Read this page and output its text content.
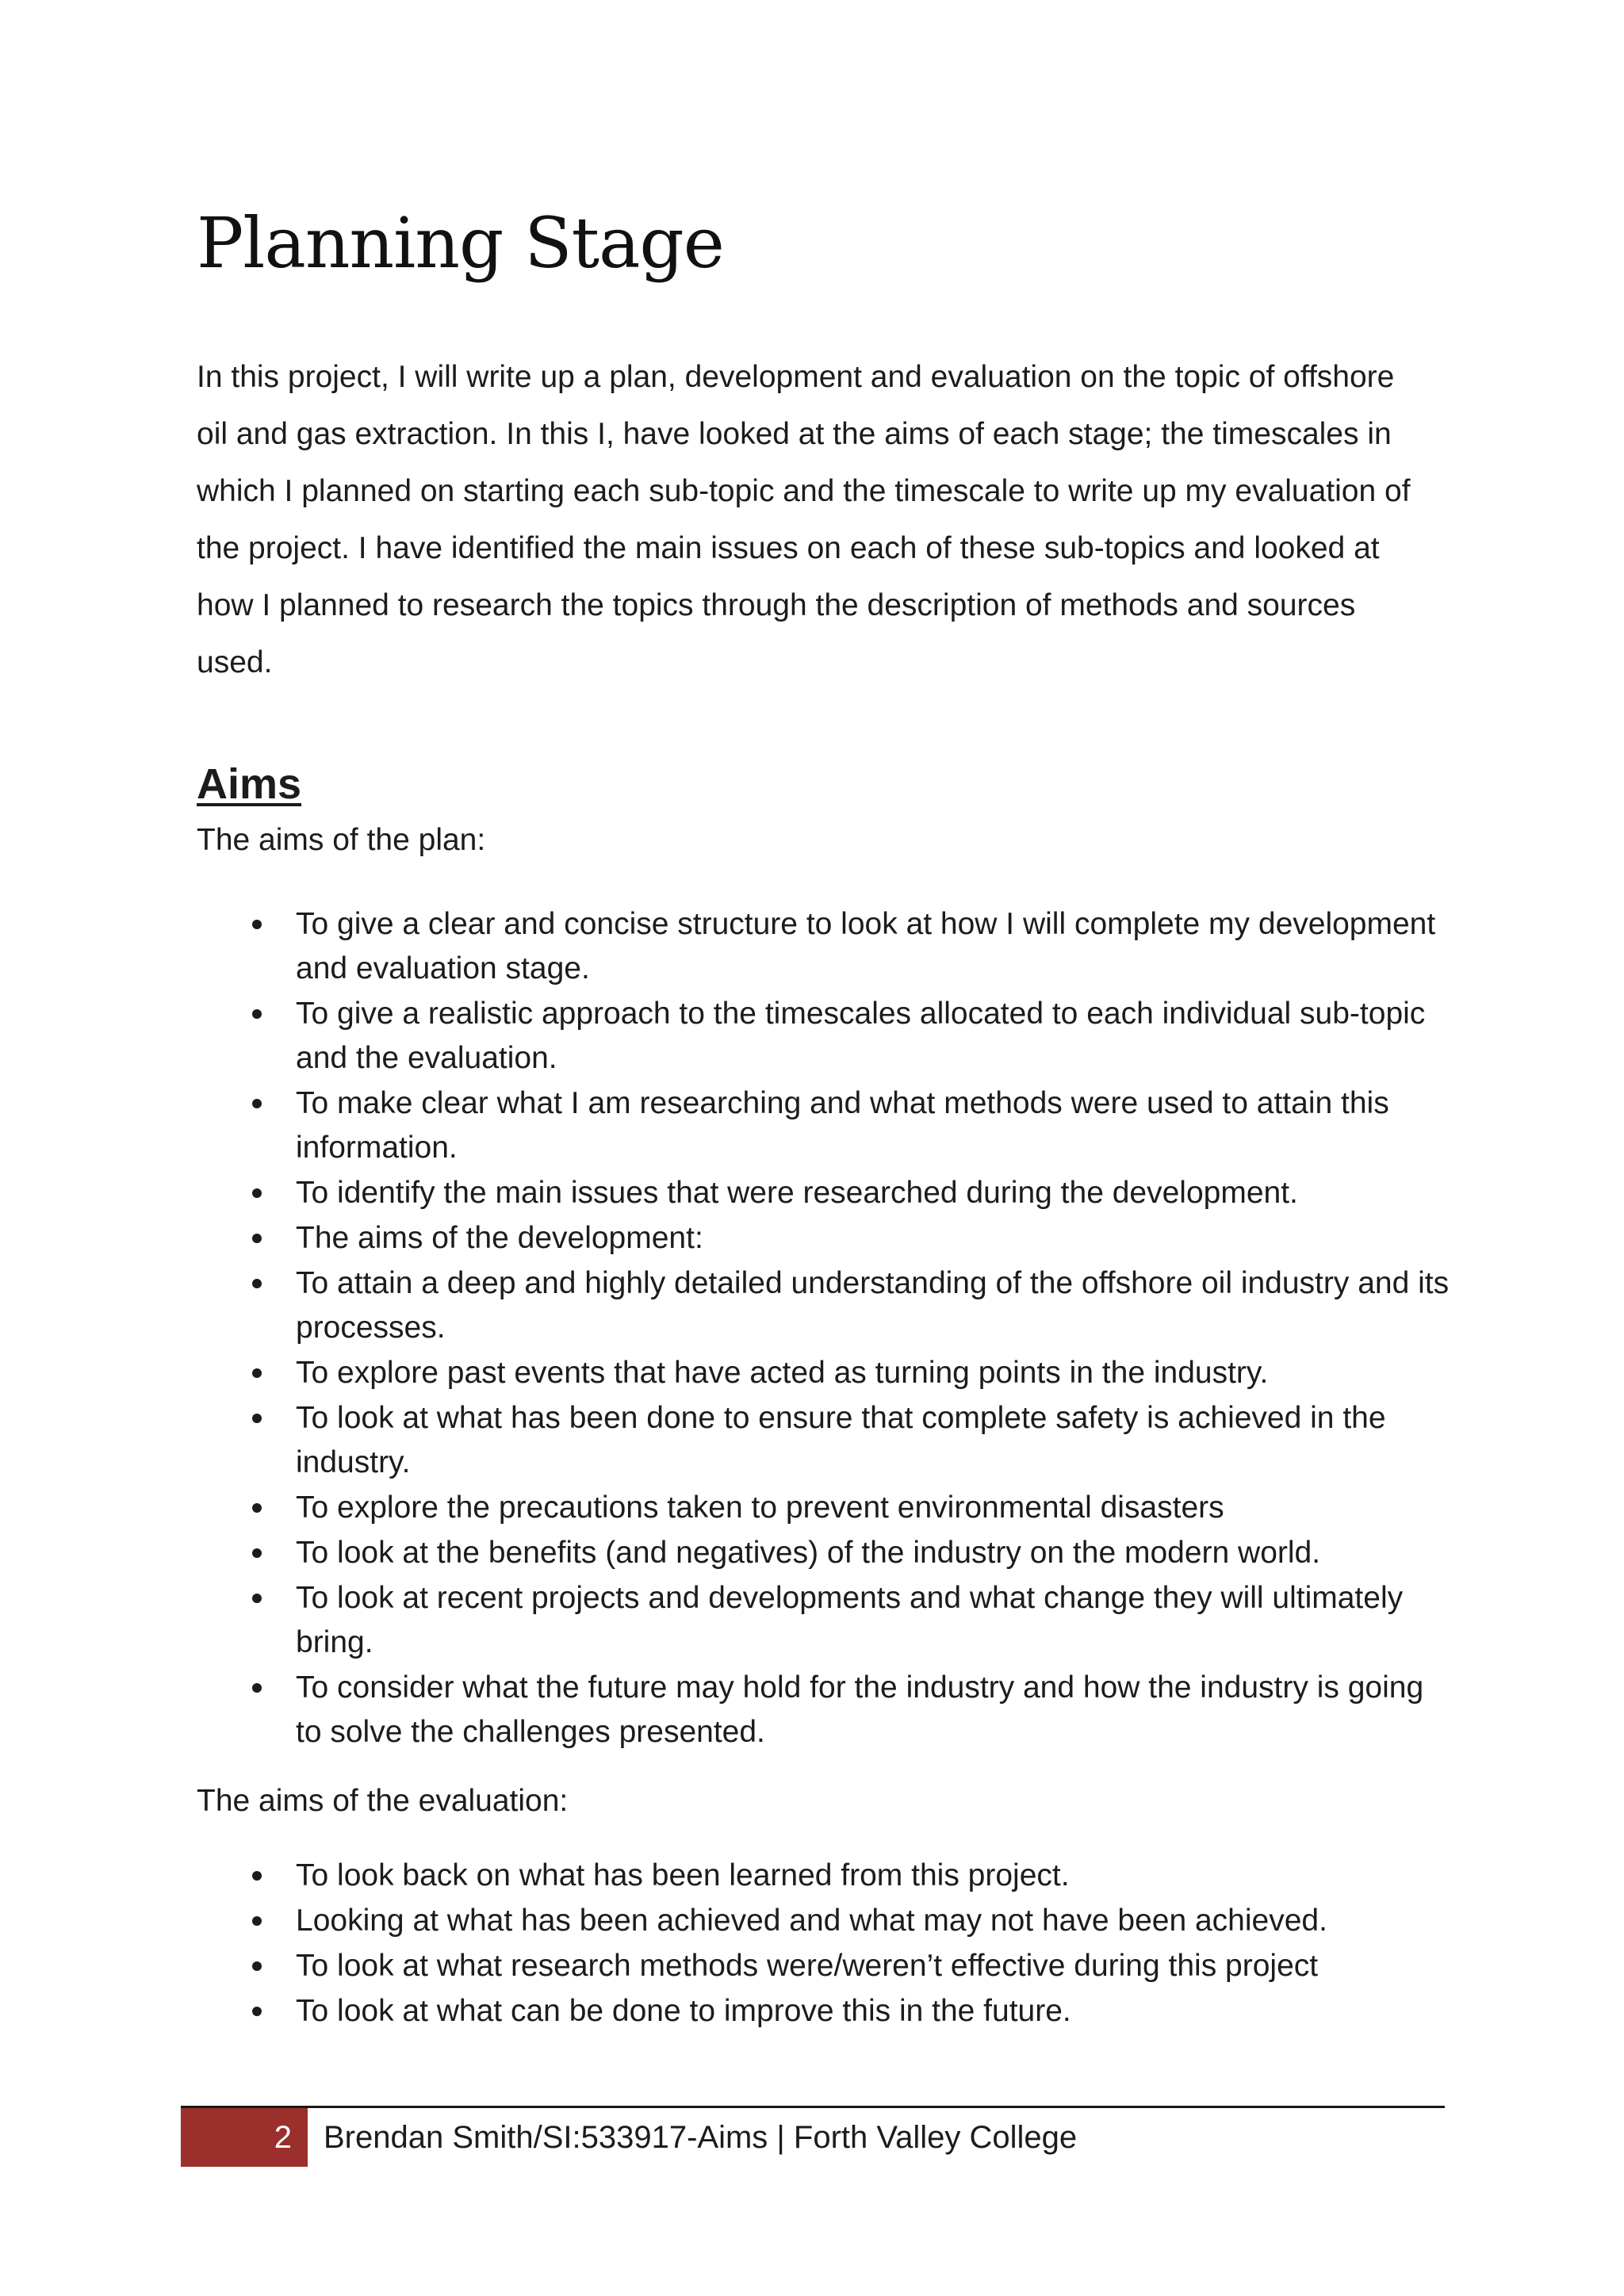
Planning Stage

In this project, I will write up a plan, development and evaluation on the topic of offshore oil and gas extraction. In this I, have looked at the aims of each stage; the timescales in which I planned on starting each sub-topic and the timescale to write up my evaluation of the project. I have identified the main issues on each of these sub-topics and looked at how I planned to research the topics through the description of methods and sources used.

Aims

The aims of the plan:

To give a clear and concise structure to look at how I will complete my development and evaluation stage.
To give a realistic approach to the timescales allocated to each individual sub-topic and the evaluation.
To make clear what I am researching and what methods were used to attain this information.
To identify the main issues that were researched during the development.
The aims of the development:
To attain a deep and highly detailed understanding of the offshore oil industry and its processes.
To explore past events that have acted as turning points in the industry.
To look at what has been done to ensure that complete safety is achieved in the industry.
To explore the precautions taken to prevent environmental disasters
To look at the benefits (and negatives) of the industry on the modern world.
To look at recent projects and developments and what change they will ultimately bring.
To consider what the future may hold for the industry and how the industry is going to solve the challenges presented.

The aims of the evaluation:

To look back on what has been learned from this project.
Looking at what has been achieved and what may not have been achieved.
To look at what research methods were/weren’t effective during this project
To look at what can be done to improve this in the future.
2	Brendan Smith/SI:533917-Aims | Forth Valley College
